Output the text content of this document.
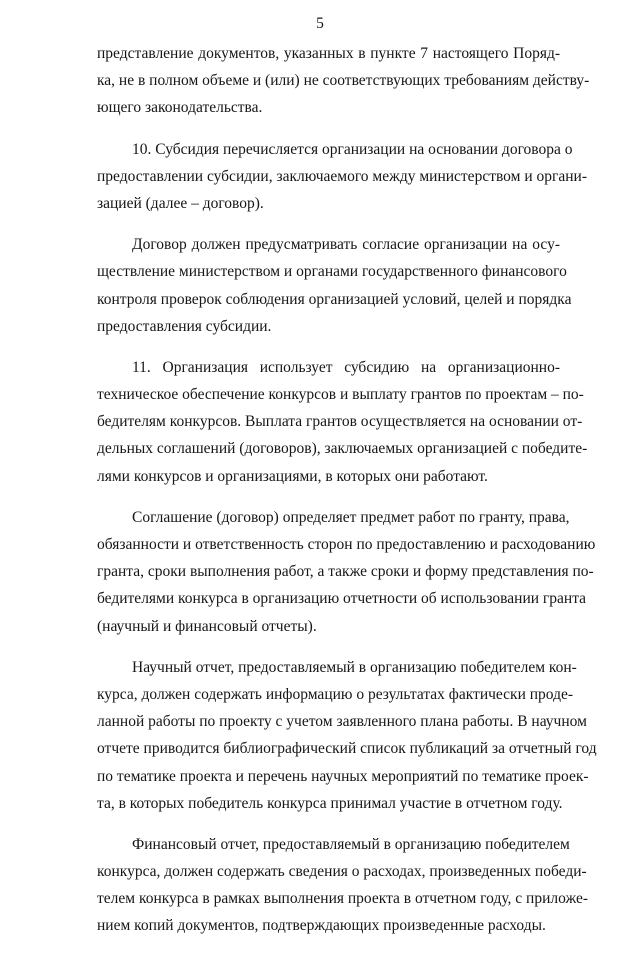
5
представление документов, указанных в пункте 7 настоящего Поряд-
ка, не в полном объеме и (или) не соответствующих требованиям действу-
ющего законодательства.
10. Субсидия перечисляется организации на основании договора о
предоставлении субсидии, заключаемого между министерством и органи-
зацией (далее – договор).
Договор должен предусматривать согласие организации на осу-
ществление министерством и органами государственного финансового
контроля проверок соблюдения организацией условий, целей и порядка
предоставления субсидии.
11. Организация использует субсидию на организационно-
техническое обеспечение конкурсов и выплату грантов по проектам – по-
бедителям конкурсов. Выплата грантов осуществляется на основании от-
дельных соглашений (договоров), заключаемых организацией с победите-
лями конкурсов и организациями, в которых они работают.
Соглашение (договор) определяет предмет работ по гранту, права,
обязанности и ответственность сторон по предоставлению и расходованию
гранта, сроки выполнения работ, а также сроки и форму представления по-
бедителями конкурса в организацию отчетности об использовании гранта
(научный и финансовый отчеты).
Научный отчет, предоставляемый в организацию победителем кон-
курса, должен содержать информацию о результатах фактически проде-
ланной работы по проекту с учетом заявленного плана работы. В научном
отчете приводится библиографический список публикаций за отчетный год
по тематике проекта и перечень научных мероприятий по тематике проек-
та, в которых победитель конкурса принимал участие в отчетном году.
Финансовый отчет, предоставляемый в организацию победителем
конкурса, должен содержать сведения о расходах, произведенных победи-
телем конкурса в рамках выполнения проекта в отчетном году, с приложе-
нием копий документов, подтверждающих произведенные расходы.
